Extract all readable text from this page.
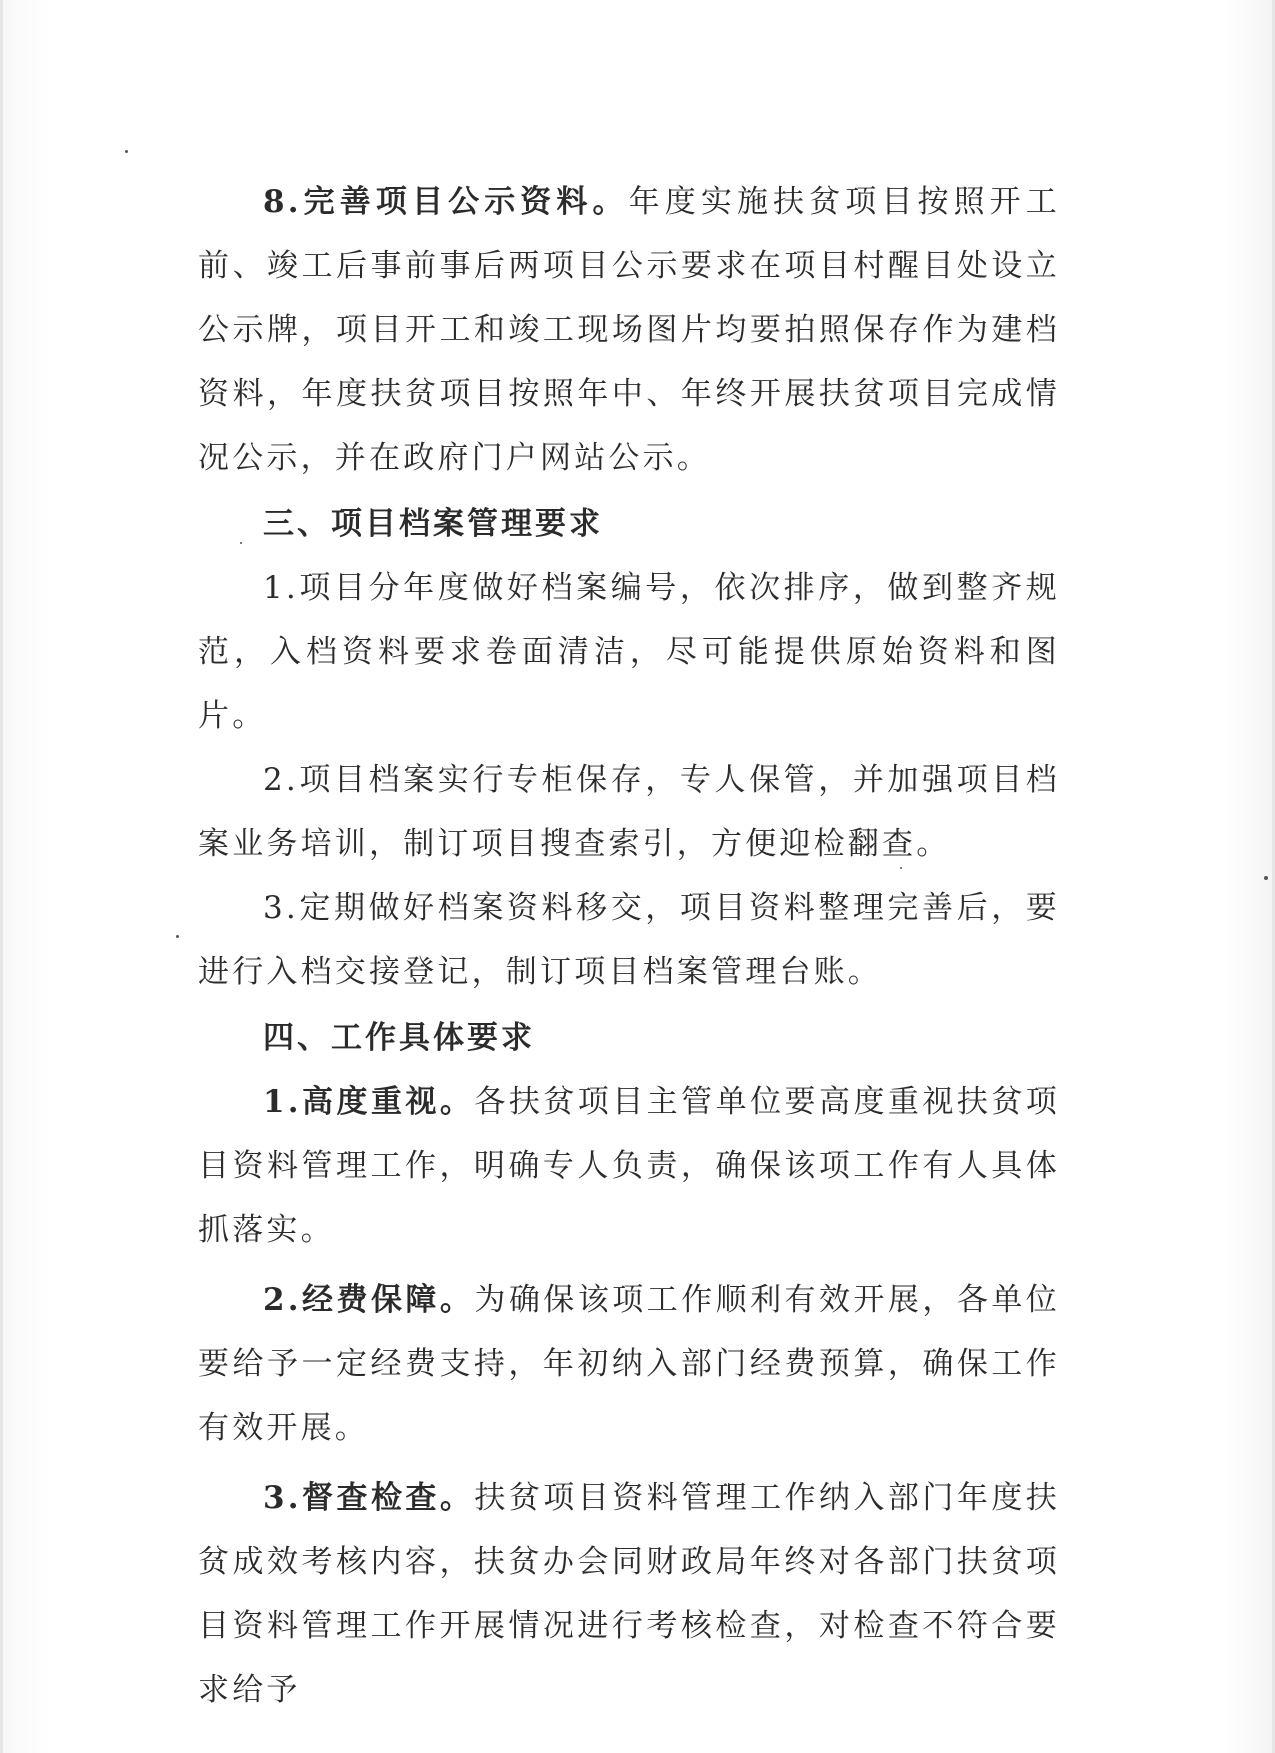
8.完善项目公示资料。年度实施扶贫项目按照开工前、竣工后事前事后两项目公示要求在项目村醒目处设立公示牌，项目开工和竣工现场图片均要拍照保存作为建档资料，年度扶贫项目按照年中、年终开展扶贫项目完成情况公示，并在政府门户网站公示。

三、项目档案管理要求

1.项目分年度做好档案编号，依次排序，做到整齐规范，入档资料要求卷面清洁，尽可能提供原始资料和图片。

2.项目档案实行专柜保存，专人保管，并加强项目档案业务培训，制订项目搜查索引，方便迎检翻查。

3.定期做好档案资料移交，项目资料整理完善后，要进行入档交接登记，制订项目档案管理台账。

四、工作具体要求

1.高度重视。各扶贫项目主管单位要高度重视扶贫项目资料管理工作，明确专人负责，确保该项工作有人具体抓落实。

2.经费保障。为确保该项工作顺利有效开展，各单位要给予一定经费支持，年初纳入部门经费预算，确保工作有效开展。

3.督查检查。扶贫项目资料管理工作纳入部门年度扶贫成效考核内容，扶贫办会同财政局年终对各部门扶贫项目资料管理工作开展情况进行考核检查，对检查不符合要求给予
